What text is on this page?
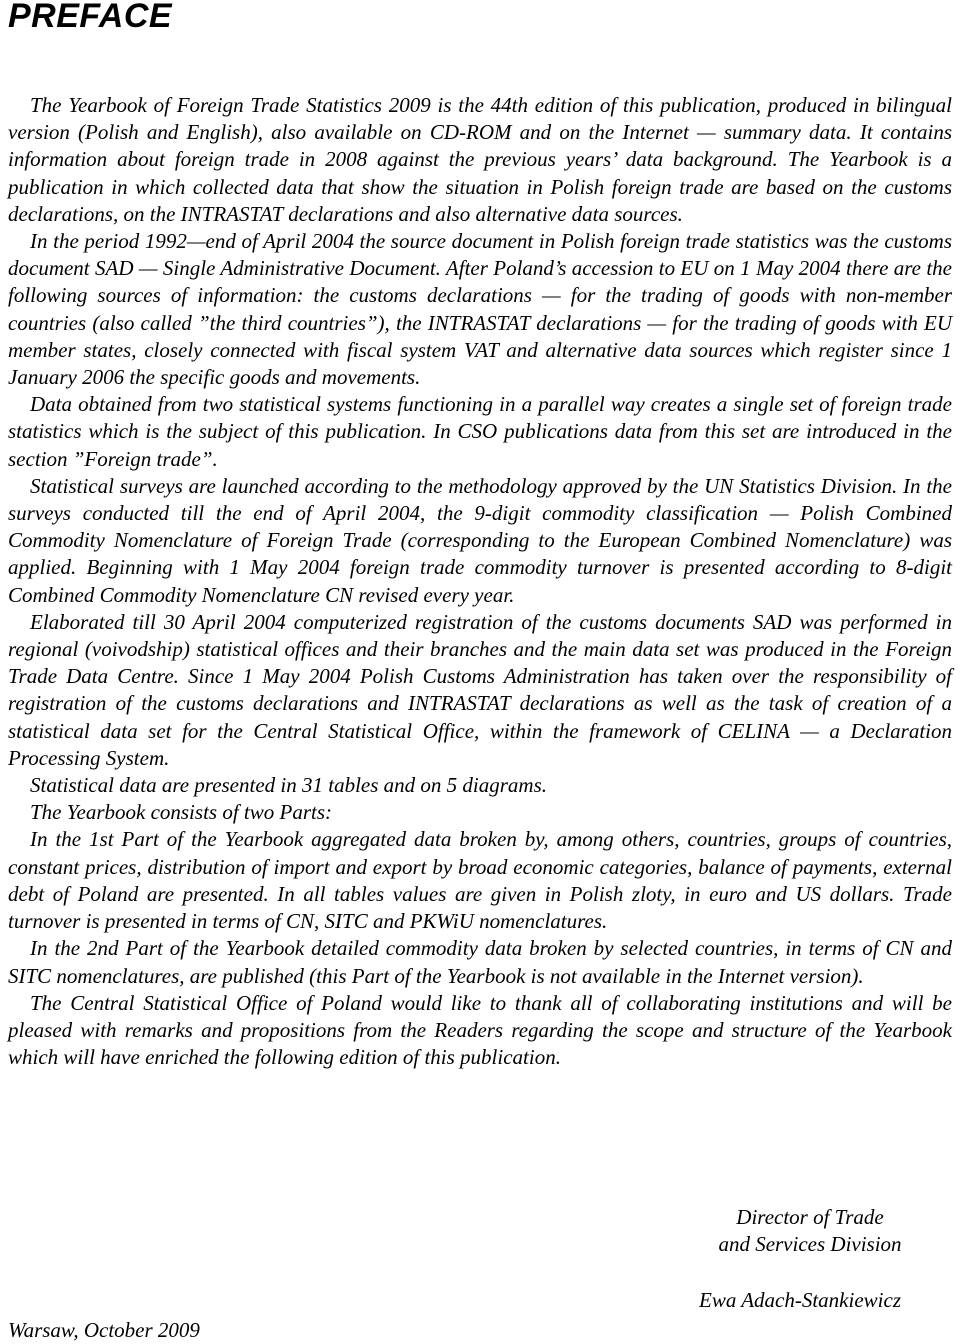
PREFACE

The Yearbook of Foreign Trade Statistics 2009 is the 44th edition of this publication, produced in bilingual version (Polish and English), also available on CD-ROM and on the Internet — summary data. It contains information about foreign trade in 2008 against the previous years’ data background. The Yearbook is a publication in which collected data that show the situation in Polish foreign trade are based on the customs declarations, on the INTRASTAT declarations and also alternative data sources.

In the period 1992—end of April 2004 the source document in Polish foreign trade statistics was the customs document SAD — Single Administrative Document. After Poland’s accession to EU on 1 May 2004 there are the following sources of information: the customs declarations — for the trading of goods with non-member countries (also called ”the third countries”), the INTRASTAT declarations — for the trading of goods with EU member states, closely connected with fiscal system VAT and alternative data sources which register since 1 January 2006 the specific goods and movements.

Data obtained from two statistical systems functioning in a parallel way creates a single set of foreign trade statistics which is the subject of this publication. In CSO publications data from this set are introduced in the section ”Foreign trade”.

Statistical surveys are launched according to the methodology approved by the UN Statistics Division. In the surveys conducted till the end of April 2004, the 9-digit commodity classification — Polish Combined Commodity Nomenclature of Foreign Trade (corresponding to the European Combined Nomenclature) was applied. Beginning with 1 May 2004 foreign trade commodity turnover is presented according to 8-digit Combined Commodity Nomenclature CN revised every year.

Elaborated till 30 April 2004 computerized registration of the customs documents SAD was performed in regional (voivodship) statistical offices and their branches and the main data set was produced in the Foreign Trade Data Centre. Since 1 May 2004 Polish Customs Administration has taken over the responsibility of registration of the customs declarations and INTRASTAT declarations as well as the task of creation of a statistical data set for the Central Statistical Office, within the framework of CELINA — a Declaration Processing System.

Statistical data are presented in 31 tables and on 5 diagrams.

The Yearbook consists of two Parts:

In the 1st Part of the Yearbook aggregated data broken by, among others, countries, groups of countries, constant prices, distribution of import and export by broad economic categories, balance of payments, external debt of Poland are presented. In all tables values are given in Polish zloty, in euro and US dollars. Trade turnover is presented in terms of CN, SITC and PKWiU nomenclatures.

In the 2nd Part of the Yearbook detailed commodity data broken by selected countries, in terms of CN and SITC nomenclatures, are published (this Part of the Yearbook is not available in the Internet version).

The Central Statistical Office of Poland would like to thank all of collaborating institutions and will be pleased with remarks and propositions from the Readers regarding the scope and structure of the Yearbook which will have enriched the following edition of this publication.

Director of Trade
and Services Division
Ewa Adach-Stankiewicz
Warsaw, October 2009
